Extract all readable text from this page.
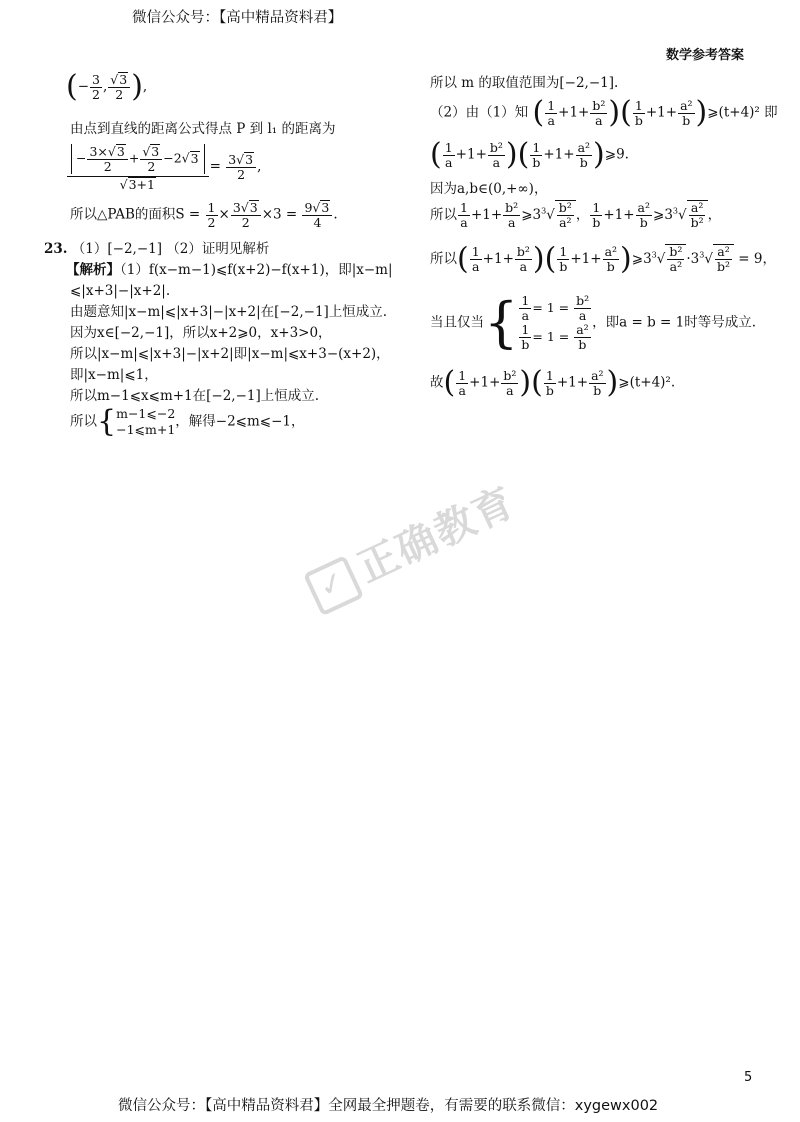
微信公众号：【高中精品资料君】
数学参考答案
✓正确教育
(− $\frac{3}{2}$ , $\frac{√3}{2}$ ),
由点到直线的距离公式得点 P 到 l₁ 的距离为
$\frac{- \frac{3\times√3}{2} + \frac{√3}{2} -2√3}{√3+1} = \frac{3√3}{2}$ ,
所以△PAB的面积$S = \frac{1}{2} \times \frac{3√3}{2} \times 3 = \frac{9√3}{4}$ .
23. （1）[−2,−1] （2）证明见解析
【解析】（1）f(x−m−1)⩽f(x+2)−f(x+1)，即|x−m|
⩽|x+3|−|x+2|.
由题意知|x−m|⩽|x+3|−|x+2|在[−2,−1]上恒成立.
因为x∈[−2,−1]，所以x+2⩾0，x+3>0，
所以|x−m|⩽|x+3|−|x+2|即|x−m|⩽x+3−(x+2)，
即|x−m|⩽1，
所以m−1⩽x⩽m+1在[−2,−1]上恒成立.
所以 { m−1⩽−2
−1⩽m+1 ，解得−2⩽m⩽−1，
所以 m 的取值范围为[−2,−1].
（2）由（1）知 ( $\frac{1}{a} +1+ \frac{\text{b²}}{a}$ )( $\frac{1}{b} +1+ \frac{\text{a²}}{b}$ )⩾(t+4)² 即
( $\frac{1}{a} +1+ \frac{\text{b²}}{a}$ )( $\frac{1}{b} +1+ \frac{\text{a²}}{b}$ )⩾9.
因为a,b∈(0,+∞)，
所以 $\frac{1}{a} +1+ \frac{\text{b²}}{a}$ $⩾3^3√ \frac{\text{b²}}{\text{a²}}$ ， $\frac{1}{b} +1+ \frac{\text{a²}}{b}$ $⩾3^3√ \frac{\text{a²}}{\text{b²}}$ ，
所以( $\frac{1}{a} +1+ \frac{\text{b²}}{a}$ )( $\frac{1}{b} +1+ \frac{\text{a²}}{b}$ )$⩾3^3√ \frac{\text{b²}}{\text{a²}} \cdot 3^3√ \frac{\text{a²}}{\text{b²}} = 9$，
当且仅当 { $\frac{1}{a} = 1 = \frac{\text{b²}}{a}$
$\frac{1}{b} = 1 = \frac{\text{a²}}{b}$
，即a = b = 1时等号成立.
故( $\frac{1}{a} +1+ \frac{\text{b²}}{a}$ )( $\frac{1}{b} +1+ \frac{\text{a²}}{b}$ )⩾(t+4)².
5
微信公众号：【高中精品资料君】全网最全押题卷，有需要的联系微信：xygewx002
